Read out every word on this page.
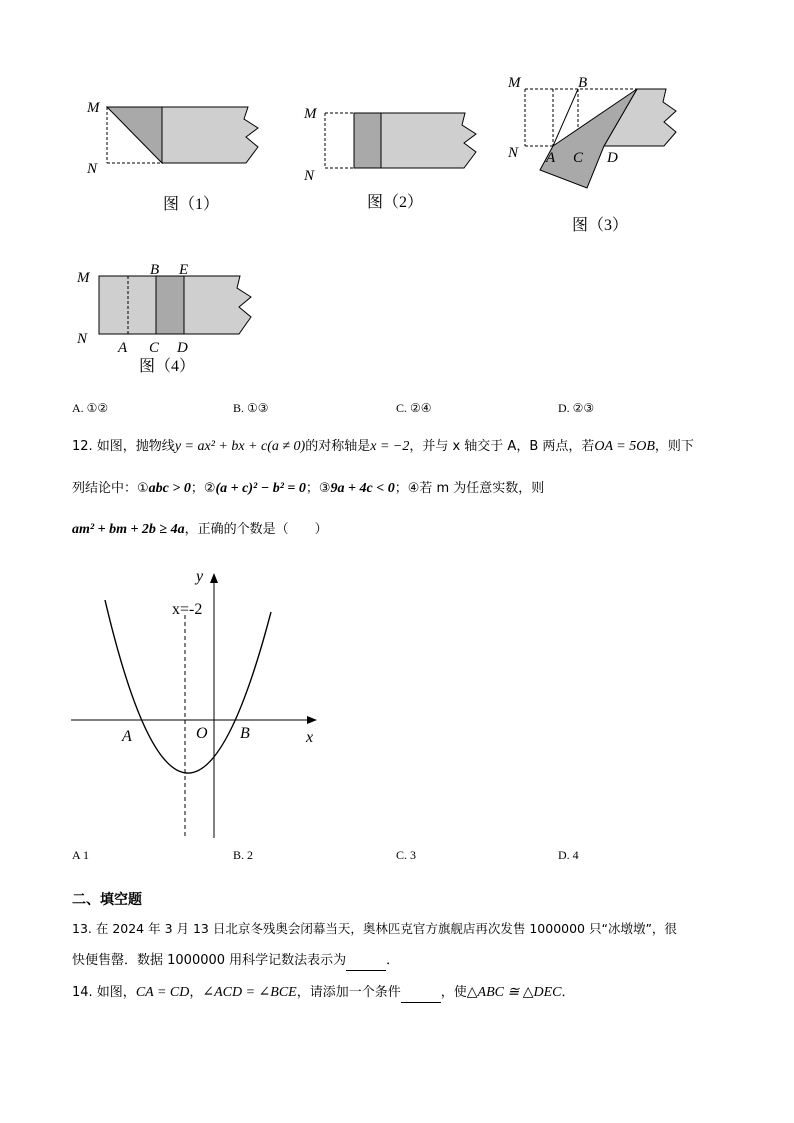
M
N
图（1）
M
N
图（2）
M	B
N A C D
图（3）
B E
M
N
A C D
图（4）
A. ①②	B. ①③	C. ②④	D. ②③
12. 如图，抛物线y = ax² + bx + c(a ≠ 0)的对称轴是x = −2，并与 x 轴交于 A，B 两点，若OA = 5OB，则下
列结论中：①abc > 0；②(a + c)² − b² = 0；③9a + 4c < 0；④若 m 为任意实数，则
am² + bm + 2b ≥ 4a，正确的个数是（　　）
y
x
x=-2
O
A	B
A 1	B. 2	C. 3	D. 4
二、填空题
13. 在 2024 年 3 月 13 日北京冬残奥会闭幕当天，奥林匹克官方旗舰店再次发售 1000000 只“冰墩墩”，很
快便售罄．数据 1000000 用科学记数法表示为	．
14. 如图，CA = CD，∠ACD = ∠BCE，请添加一个条件	，使△ABC ≅ △DEC．
